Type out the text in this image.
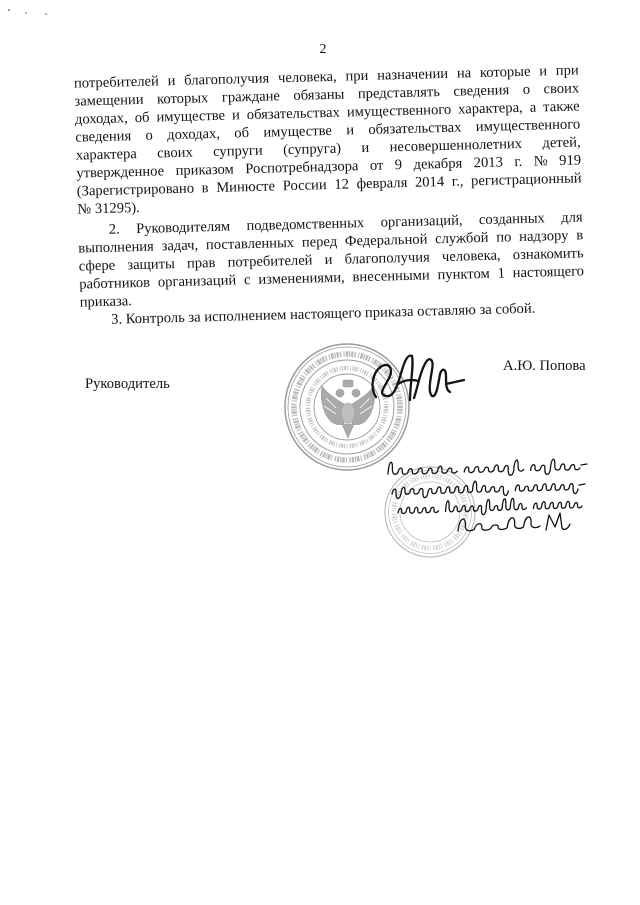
2
потребителей и благополучия человека, при назначении на которые и при
замещении которых граждане обязаны представлять сведения о своих
доходах, об имуществе и обязательствах имущественного характера, а также
сведения о доходах, об имуществе и обязательствах имущественного
характера своих супруги (супруга) и несовершеннолетних детей,
утвержденное приказом Роспотребнадзора от 9 декабря 2013 г. № 919
(Зарегистрировано в Минюсте России 12 февраля 2014 г., регистрационный
№ 31295).
2. Руководителям подведомственных организаций, созданных для
выполнения задач, поставленных перед Федеральной службой по надзору в
сфере защиты прав потребителей и благополучия человека, ознакомить
работников организаций с изменениями, внесенными пунктом 1 настоящего
приказа.
3. Контроль за исполнением настоящего приказа оставляю за собой.
Руководитель
А.Ю. Попова
